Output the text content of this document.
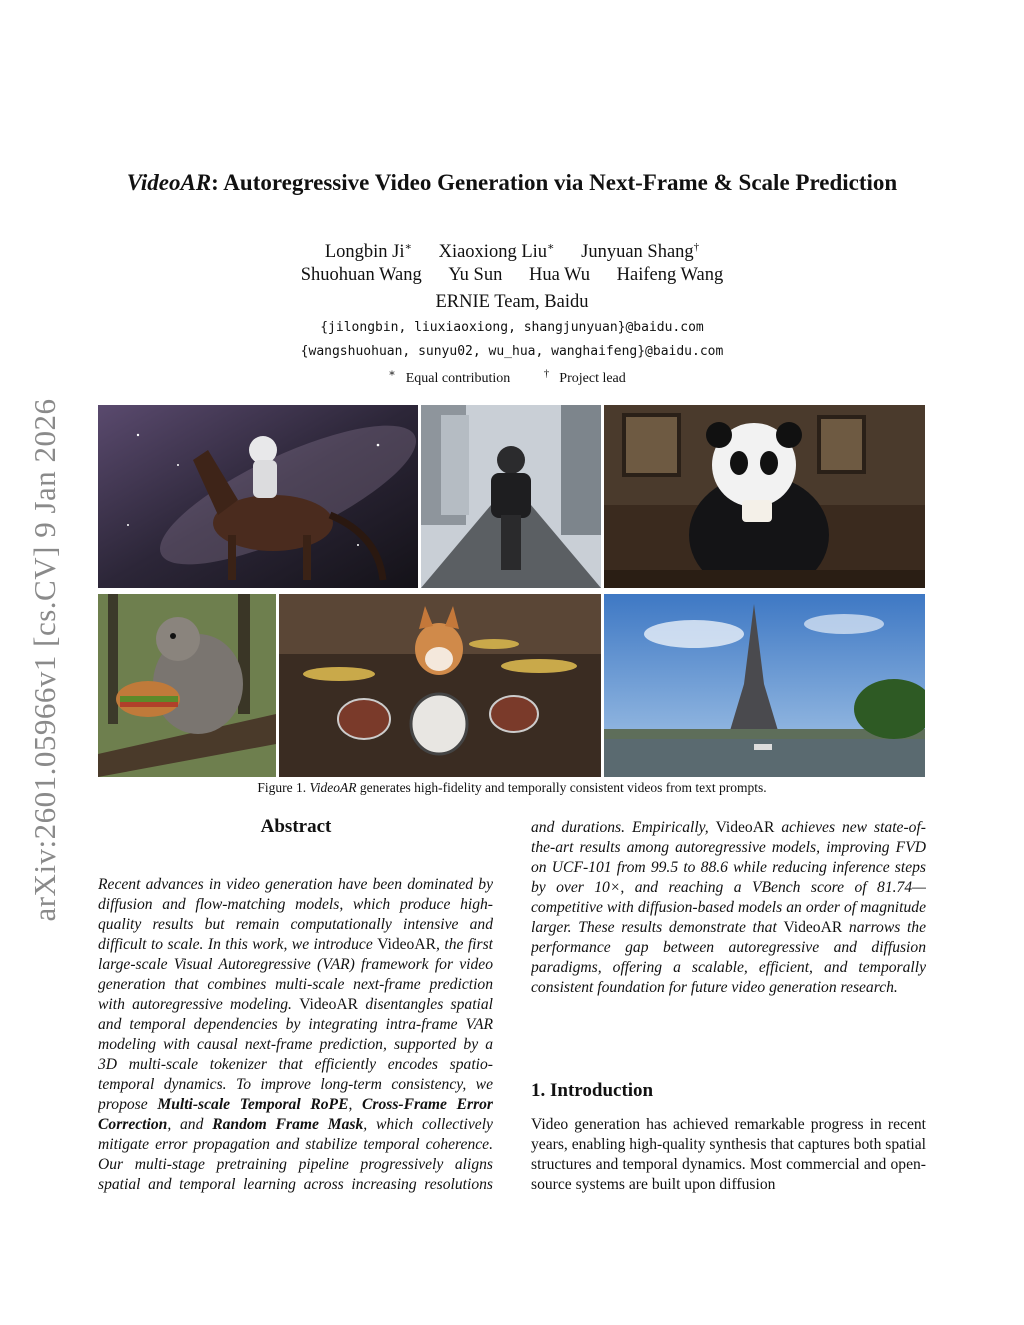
arXiv:2601.05966v1 [cs.CV] 9 Jan 2026
VideoAR: Autoregressive Video Generation via Next-Frame & Scale Prediction
Longbin Ji∗ Xiaoxiong Liu∗ Junyuan Shang†
Shuohuan Wang Yu Sun Hua Wu Haifeng Wang
ERNIE Team, Baidu
{jilongbin, liuxiaoxiong, shangjunyuan}@baidu.com
{wangshuohuan, sunyu02, wu_hua, wanghaifeng}@baidu.com
∗ Equal contribution	† Project lead
Figure 1. VideoAR generates high-fidelity and temporally consistent videos from text prompts.
Abstract

Recent advances in video generation have been dominated by diffusion and flow-matching models, which produce high-quality results but remain computationally intensive and difficult to scale. In this work, we introduce VideoAR, the first large-scale Visual Autoregressive (VAR) framework for video generation that combines multi-scale next-frame prediction with autoregressive modeling. VideoAR disentangles spatial and temporal dependencies by integrating intra-frame VAR modeling with causal next-frame prediction, supported by a 3D multi-scale tokenizer that efficiently encodes spatio-temporal dynamics. To improve long-term consistency, we propose Multi-scale Temporal RoPE, Cross-Frame Error Correction, and Random Frame Mask, which collectively mitigate error propagation and stabilize temporal coherence. Our multi-stage pretraining pipeline progressively aligns spatial and temporal learning across increasing resolutions

and durations. Empirically, VideoAR achieves new state-of-the-art results among autoregressive models, improving FVD on UCF-101 from 99.5 to 88.6 while reducing inference steps by over 10×, and reaching a VBench score of 81.74—competitive with diffusion-based models an order of magnitude larger. These results demonstrate that VideoAR narrows the performance gap between autoregressive and diffusion paradigms, offering a scalable, efficient, and temporally consistent foundation for future video generation research.

1. Introduction
Video generation has achieved remarkable progress in recent years, enabling high-quality synthesis that captures both spatial structures and temporal dynamics. Most commercial and open-source systems are built upon diffusion
